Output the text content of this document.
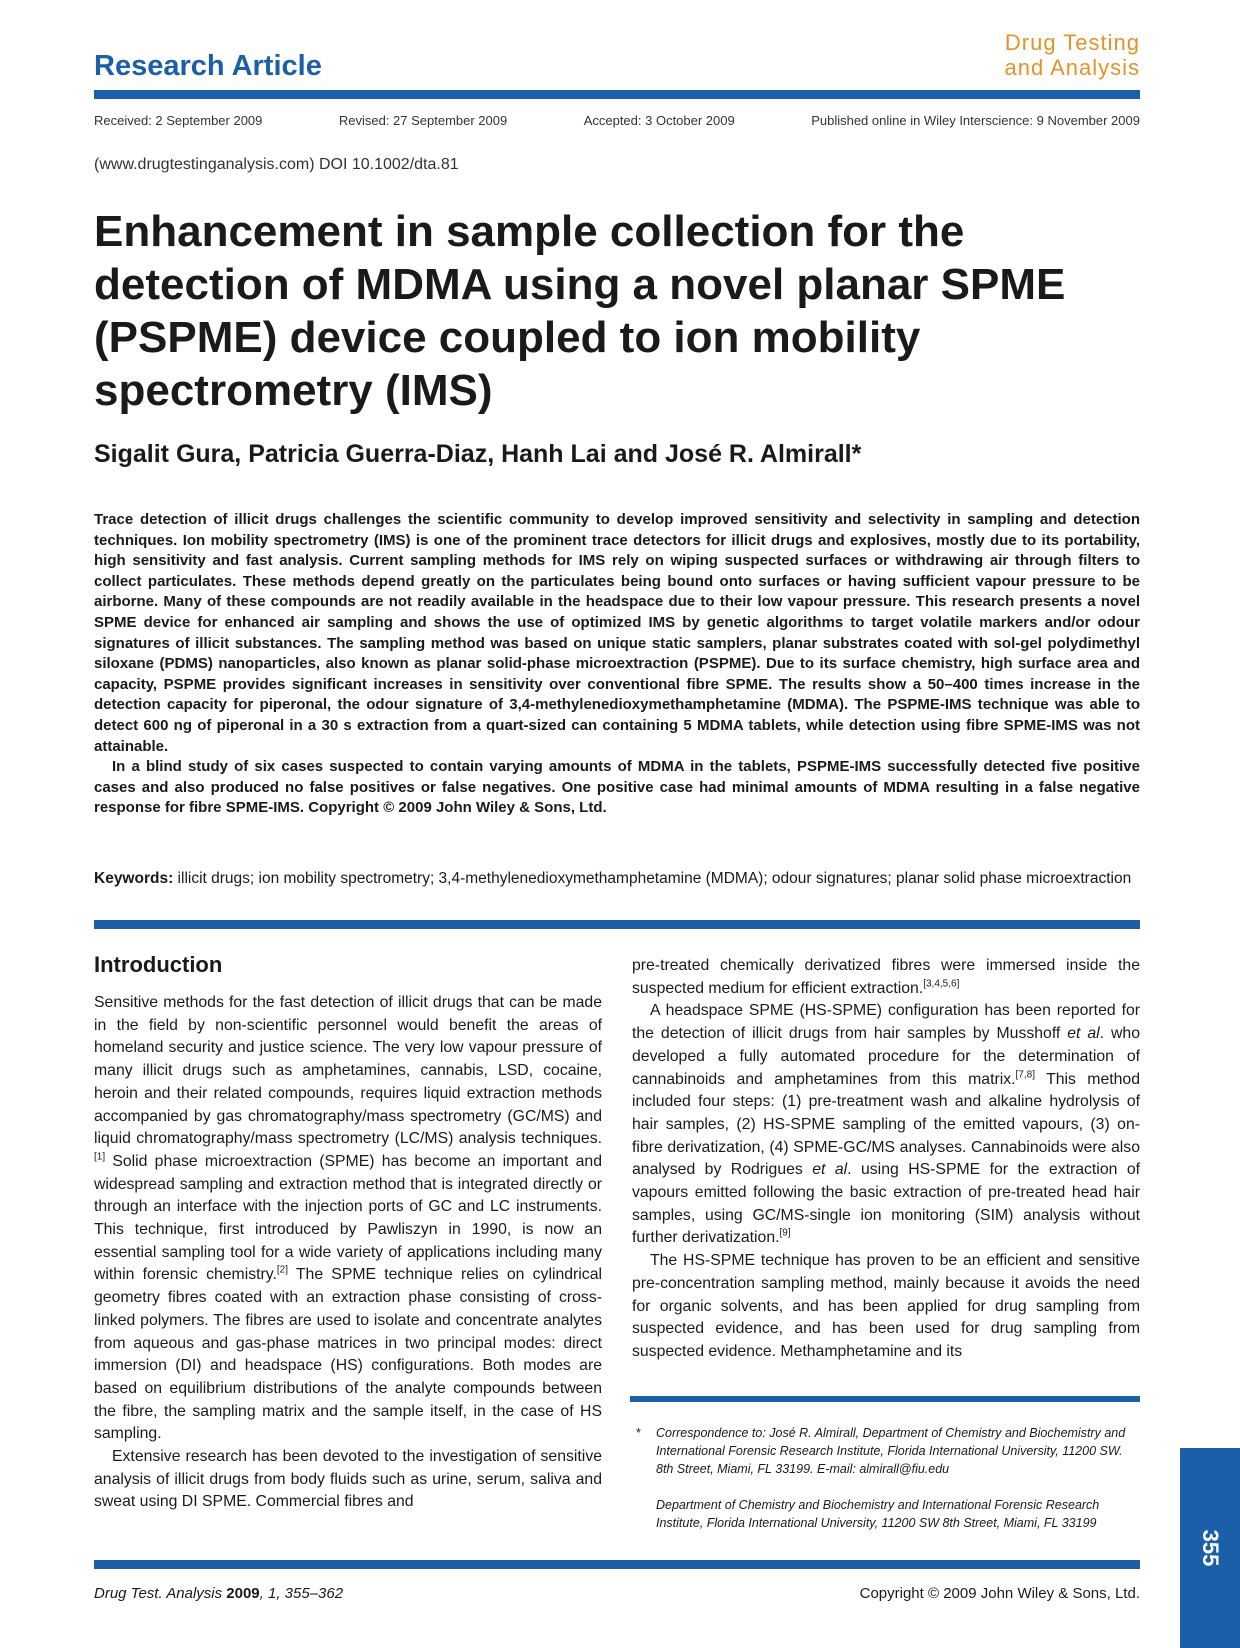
Research Article
Drug Testing
and Analysis
Received: 2 September 2009	Revised: 27 September 2009	Accepted: 3 October 2009	Published online in Wiley Interscience: 9 November 2009
(www.drugtestinganalysis.com) DOI 10.1002/dta.81
Enhancement in sample collection for the detection of MDMA using a novel planar SPME (PSPME) device coupled to ion mobility spectrometry (IMS)
Sigalit Gura, Patricia Guerra-Diaz, Hanh Lai and José R. Almirall*

Trace detection of illicit drugs challenges the scientific community to develop improved sensitivity and selectivity in sampling and detection techniques. Ion mobility spectrometry (IMS) is one of the prominent trace detectors for illicit drugs and explosives, mostly due to its portability, high sensitivity and fast analysis. Current sampling methods for IMS rely on wiping suspected surfaces or withdrawing air through filters to collect particulates. These methods depend greatly on the particulates being bound onto surfaces or having sufficient vapour pressure to be airborne. Many of these compounds are not readily available in the headspace due to their low vapour pressure. This research presents a novel SPME device for enhanced air sampling and shows the use of optimized IMS by genetic algorithms to target volatile markers and/or odour signatures of illicit substances. The sampling method was based on unique static samplers, planar substrates coated with sol-gel polydimethyl siloxane (PDMS) nanoparticles, also known as planar solid-phase microextraction (PSPME). Due to its surface chemistry, high surface area and capacity, PSPME provides significant increases in sensitivity over conventional fibre SPME. The results show a 50–400 times increase in the detection capacity for piperonal, the odour signature of 3,4-methylenedioxymethamphetamine (MDMA). The PSPME-IMS technique was able to detect 600 ng of piperonal in a 30 s extraction from a quart-sized can containing 5 MDMA tablets, while detection using fibre SPME-IMS was not attainable.

In a blind study of six cases suspected to contain varying amounts of MDMA in the tablets, PSPME-IMS successfully detected five positive cases and also produced no false positives or false negatives. One positive case had minimal amounts of MDMA resulting in a false negative response for fibre SPME-IMS. Copyright © 2009 John Wiley & Sons, Ltd.

Keywords: illicit drugs; ion mobility spectrometry; 3,4-methylenedioxymethamphetamine (MDMA); odour signatures; planar solid phase microextraction
Introduction

Sensitive methods for the fast detection of illicit drugs that can be made in the field by non-scientific personnel would benefit the areas of homeland security and justice science. The very low vapour pressure of many illicit drugs such as amphetamines, cannabis, LSD, cocaine, heroin and their related compounds, requires liquid extraction methods accompanied by gas chromatography/mass spectrometry (GC/MS) and liquid chromatography/mass spectrometry (LC/MS) analysis techniques.[1] Solid phase microextraction (SPME) has become an important and widespread sampling and extraction method that is integrated directly or through an interface with the injection ports of GC and LC instruments. This technique, first introduced by Pawliszyn in 1990, is now an essential sampling tool for a wide variety of applications including many within forensic chemistry.[2] The SPME technique relies on cylindrical geometry fibres coated with an extraction phase consisting of cross-linked polymers. The fibres are used to isolate and concentrate analytes from aqueous and gas-phase matrices in two principal modes: direct immersion (DI) and headspace (HS) configurations. Both modes are based on equilibrium distributions of the analyte compounds between the fibre, the sampling matrix and the sample itself, in the case of HS sampling.

Extensive research has been devoted to the investigation of sensitive analysis of illicit drugs from body fluids such as urine, serum, saliva and sweat using DI SPME. Commercial fibres and

pre-treated chemically derivatized fibres were immersed inside the suspected medium for efficient extraction.[3,4,5,6]

A headspace SPME (HS-SPME) configuration has been reported for the detection of illicit drugs from hair samples by Musshoff et al. who developed a fully automated procedure for the determination of cannabinoids and amphetamines from this matrix.[7,8] This method included four steps: (1) pre-treatment wash and alkaline hydrolysis of hair samples, (2) HS-SPME sampling of the emitted vapours, (3) on-fibre derivatization, (4) SPME-GC/MS analyses. Cannabinoids were also analysed by Rodrigues et al. using HS-SPME for the extraction of vapours emitted following the basic extraction of pre-treated head hair samples, using GC/MS-single ion monitoring (SIM) analysis without further derivatization.[9]

The HS-SPME technique has proven to be an efficient and sensitive pre-concentration sampling method, mainly because it avoids the need for organic solvents, and has been applied for drug sampling from suspected evidence, and has been used for drug sampling from suspected evidence. Methamphetamine and its

* Correspondence to: José R. Almirall, Department of Chemistry and Biochemistry and International Forensic Research Institute, Florida International University, 11200 SW. 8th Street, Miami, FL 33199. E-mail: almirall@fiu.edu

Department of Chemistry and Biochemistry and International Forensic Research Institute, Florida International University, 11200 SW 8th Street, Miami, FL 33199

355
Drug Test. Analysis 2009, 1, 355–362	Copyright © 2009 John Wiley & Sons, Ltd.
